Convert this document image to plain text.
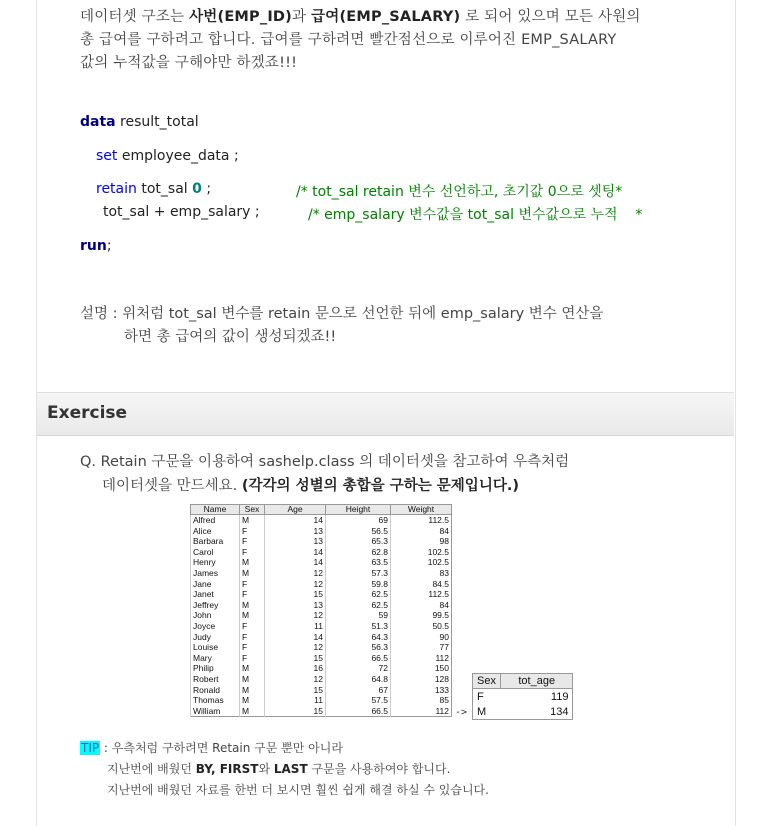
데이터셋 구조는 사번(EMP_ID)과 급여(EMP_SALARY) 로 되어 있으며 모든 사원의
총 급여를 구하려고 합니다. 급여를 구하려면 빨간점선으로 이루어진 EMP_SALARY
값의 누적값을 구해야만 하겠죠!!!
data result_total
set employee_data ;
retain tot_sal 0 ;	/* tot_sal retain 변수 선언하고, 초기값 0으로 셋팅*
tot_sal + emp_salary ;	/* emp_salary 변수값을 tot_sal 변수값으로 누적    *
run;
설명 : 위처럼 tot_sal 변수를 retain 문으로 선언한 뒤에 emp_salary 변수 연산을
하면 총 급여의 값이 생성되겠죠!!
Exercise
Q. Retain 구문을 이용하여 sashelp.class 의 데이터셋을 참고하여 우측처럼
데이터셋을 만드세요. (각각의 성별의 총합을 구하는 문제입니다.)
Name	Sex	Age	Height	Weight
Alfred	M	14	69	112.5
Alice	F	13	56.5	84
Barbara	F	13	65.3	98
Carol	F	14	62.8	102.5
Henry	M	14	63.5	102.5
James	M	12	57.3	83
Jane	F	12	59.8	84.5
Janet	F	15	62.5	112.5
Jeffrey	M	13	62.5	84
John	M	12	59	99.5
Joyce	F	11	51.3	50.5
Judy	F	14	64.3	90
Louise	F	12	56.3	77
Mary	F	15	66.5	112
Philip	M	16	72	150
Robert	M	12	64.8	128
Ronald	M	15	67	133
Thomas	M	11	57.5	85
William	M	15	66.5	112 ->
Sex	tot_age
F	119
M	134
TIP : 우측처럼 구하려면 Retain 구문 뿐만 아니라
지난번에 배웠던 BY, FIRST와 LAST 구문을 사용하여야 합니다.
지난번에 배웠던 자료를 한번 더 보시면 훨씬 쉽게 해결 하실 수 있습니다.
